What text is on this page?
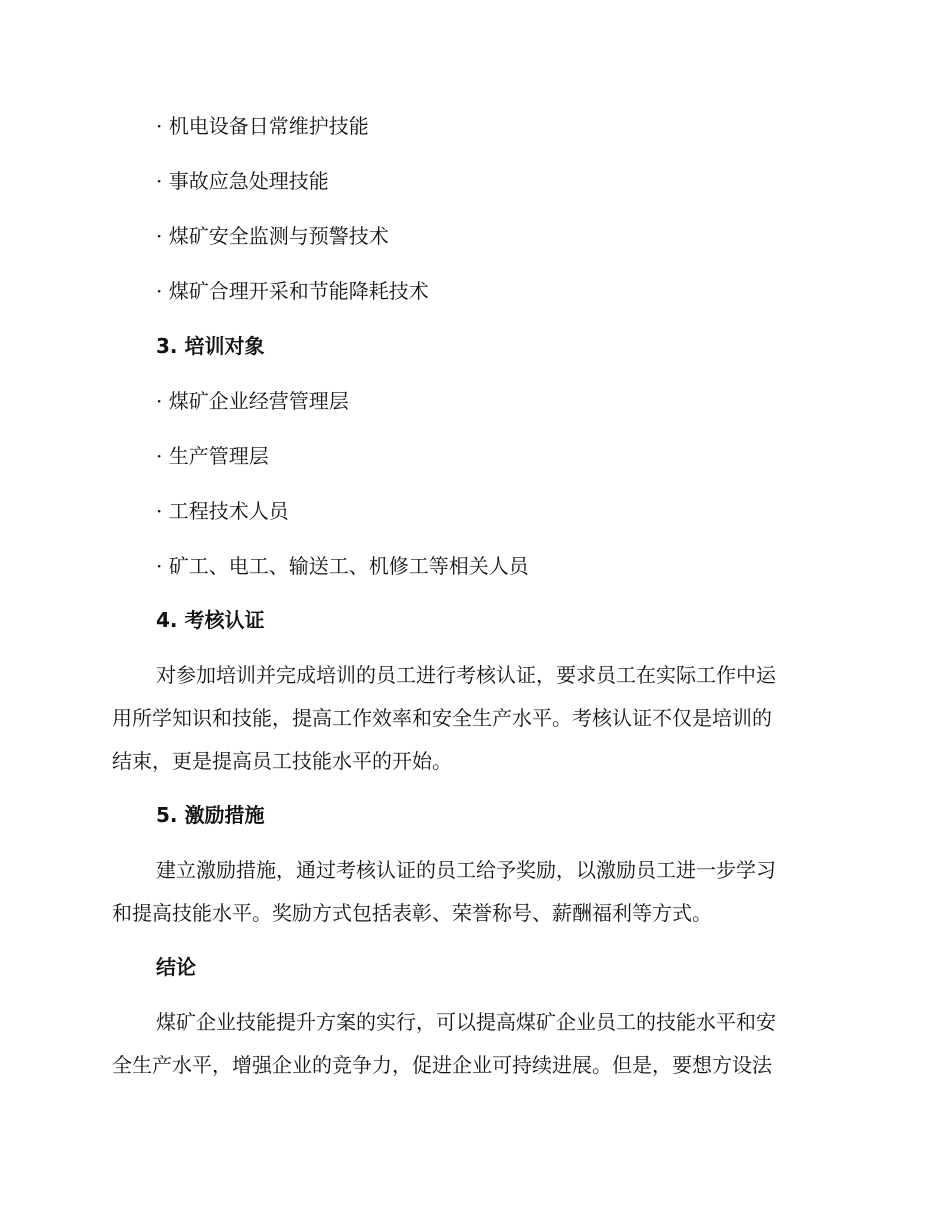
· 机电设备日常维护技能
· 事故应急处理技能
· 煤矿安全监测与预警技术
· 煤矿合理开采和节能降耗技术
3. 培训对象
· 煤矿企业经营管理层
· 生产管理层
· 工程技术人员
· 矿工、电工、输送工、机修工等相关人员
4. 考核认证
对参加培训并完成培训的员工进行考核认证，要求员工在实际工作中运
用所学知识和技能，提高工作效率和安全生产水平。考核认证不仅是培训的
结束，更是提高员工技能水平的开始。
5. 激励措施
建立激励措施，通过考核认证的员工给予奖励，以激励员工进一步学习
和提高技能水平。奖励方式包括表彰、荣誉称号、薪酬福利等方式。
结论
煤矿企业技能提升方案的实行，可以提高煤矿企业员工的技能水平和安
全生产水平，增强企业的竞争力，促进企业可持续进展。但是，要想方设法
